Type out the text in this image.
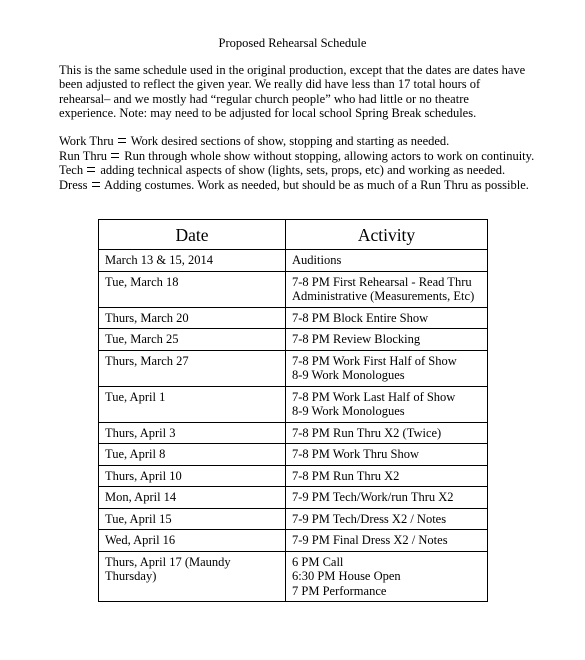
Proposed Rehearsal Schedule
This is the same schedule used in the original production, except that the dates are dates have been adjusted to reflect the given year. We really did have less than 17 total hours of rehearsal– and we mostly had “regular church people” who had little or no theatre experience. Note: may need to be adjusted for local school Spring Break schedules.
Work Thru Work desired sections of show, stopping and starting as needed.
Run Thru Run through whole show without stopping, allowing actors to work on continuity.
Tech adding technical aspects of show (lights, sets, props, etc) and working as needed.
Dress Adding costumes. Work as needed, but should be as much of a Run Thru as possible.
Date	Activity
March 13 & 15, 2014	Auditions

Tue, March 18	7-8 PM First Rehearsal - Read Thru
Administrative (Measurements, Etc)

Thurs, March 20	7-8 PM Block Entire Show

Tue, March 25	7-8 PM Review Blocking

Thurs, March 27	7-8 PM Work First Half of Show
8-9 Work Monologues

Tue, April 1	7-8 PM Work Last Half of Show
8-9 Work Monologues

Thurs, April 3	7-8 PM Run Thru X2 (Twice)

Tue, April 8	7-8 PM Work Thru Show

Thurs, April 10	7-8 PM Run Thru X2

Mon, April 14	7-9 PM Tech/Work/run Thru X2

Tue, April 15	7-9 PM Tech/Dress X2 / Notes

Wed, April 16	7-9 PM Final Dress X2 / Notes

Thurs, April 17 (Maundy Thursday)	6 PM Call
6:30 PM House Open
7 PM Performance
